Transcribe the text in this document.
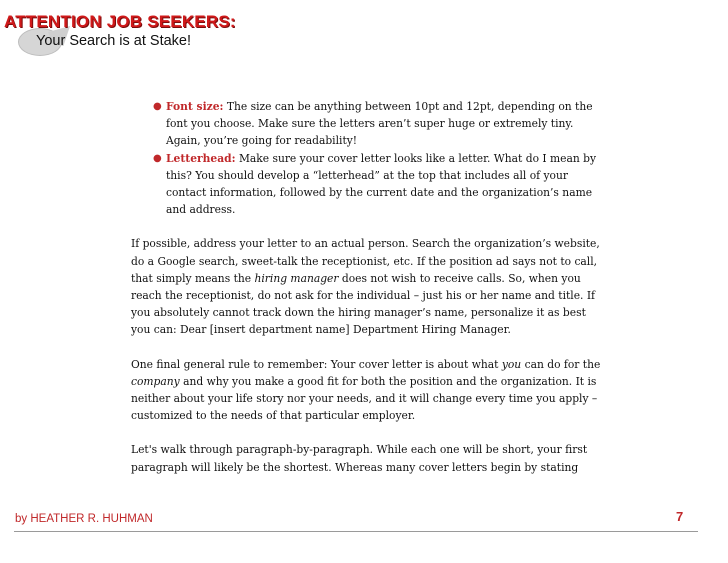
ATTENTION JOB SEEKERS:
Your Search is at Stake!
● Font size: The size can be anything between 10pt and 12pt, depending on the font you choose. Make sure the letters aren’t super huge or extremely tiny. Again, you’re going for readability!
● Letterhead: Make sure your cover letter looks like a letter. What do I mean by this? You should develop a “letterhead” at the top that includes all of your contact information, followed by the current date and the organization’s name and address.

If possible, address your letter to an actual person. Search the organization’s website, do a Google search, sweet-talk the receptionist, etc. If the position ad says not to call, that simply means the hiring manager does not wish to receive calls. So, when you reach the receptionist, do not ask for the individual – just his or her name and title. If you absolutely cannot track down the hiring manager’s name, personalize it as best you can: Dear [insert department name] Department Hiring Manager.

One final general rule to remember: Your cover letter is about what you can do for the company and why you make a good fit for both the position and the organization. It is neither about your life story nor your needs, and it will change every time you apply – customized to the needs of that particular employer.

Let's walk through paragraph-by-paragraph. While each one will be short, your first paragraph will likely be the shortest. Whereas many cover letters begin by stating

by HEATHER R. HUHMAN	7
